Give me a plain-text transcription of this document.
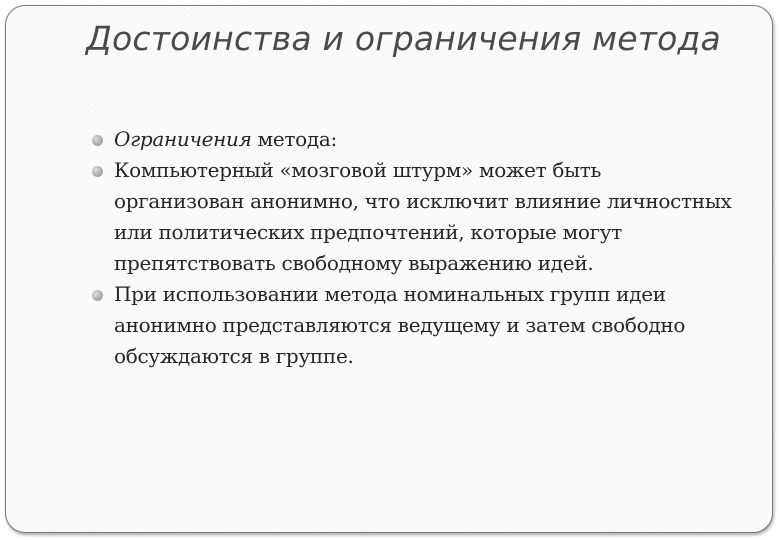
Достоинства и ограничения метода
Ограничения метода:
Компьютерный «мозговой штурм» может быть организован анонимно, что исключит влияние личностных или политических предпочтений, которые могут препятствовать свободному выражению идей.
При использовании метода номинальных групп идеи анонимно представляются ведущему и затем свободно обсуждаются в группе.
